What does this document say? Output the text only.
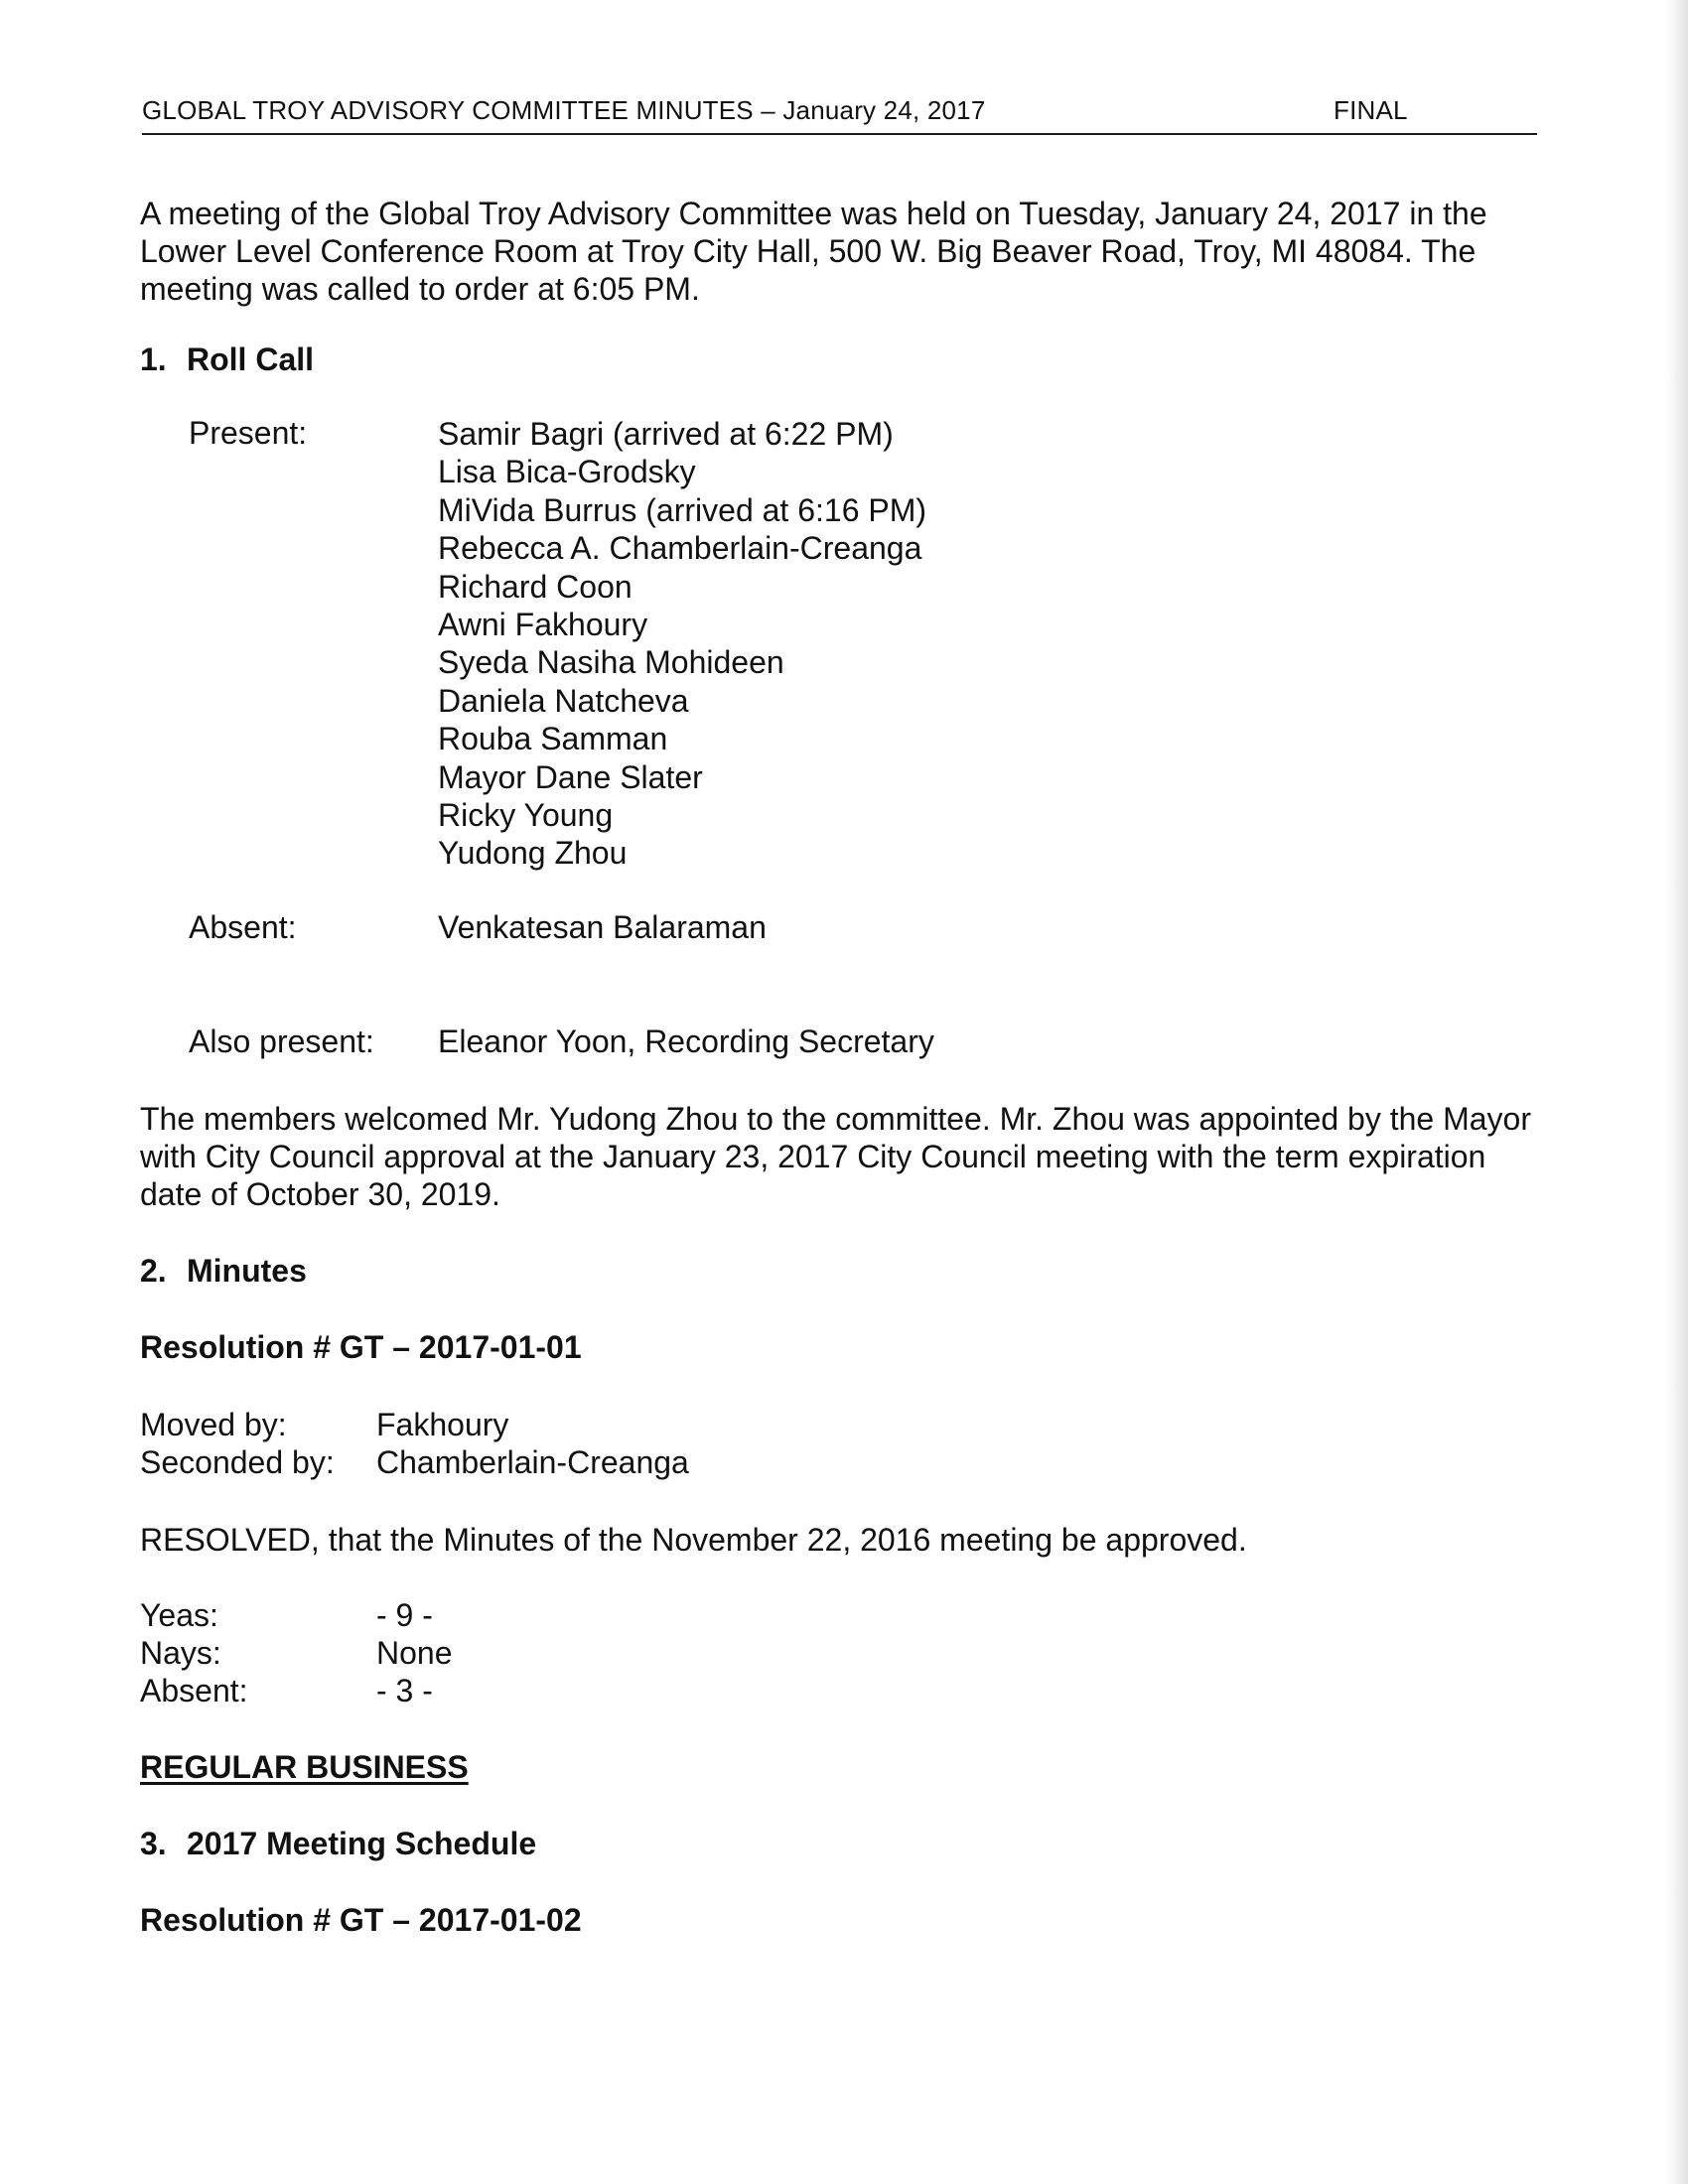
GLOBAL TROY ADVISORY COMMITTEE MINUTES – January 24, 2017	FINAL

A meeting of the Global Troy Advisory Committee was held on Tuesday, January 24, 2017 in the Lower Level Conference Room at Troy City Hall, 500 W. Big Beaver Road, Troy, MI 48084. The meeting was called to order at 6:05 PM.

1. Roll Call
Present:	Samir Bagri (arrived at 6:22 PM)
Lisa Bica-Grodsky
MiVida Burrus (arrived at 6:16 PM)
Rebecca A. Chamberlain-Creanga
Richard Coon
Awni Fakhoury
Syeda Nasiha Mohideen
Daniela Natcheva
Rouba Samman
Mayor Dane Slater
Ricky Young
Yudong Zhou
Absent:	Venkatesan Balaraman
Also present: Eleanor Yoon, Recording Secretary

The members welcomed Mr. Yudong Zhou to the committee. Mr. Zhou was appointed by the Mayor with City Council approval at the January 23, 2017 City Council meeting with the term expiration date of October 30, 2019.

2. Minutes
Resolution # GT – 2017-01-01
Moved by:	Fakhoury
Seconded by: Chamberlain-Creanga

RESOLVED, that the Minutes of the November 22, 2016 meeting be approved.

Yeas:	- 9 -
Nays:	None
Absent:	- 3 -
REGULAR BUSINESS
3. 2017 Meeting Schedule
Resolution # GT – 2017-01-02
